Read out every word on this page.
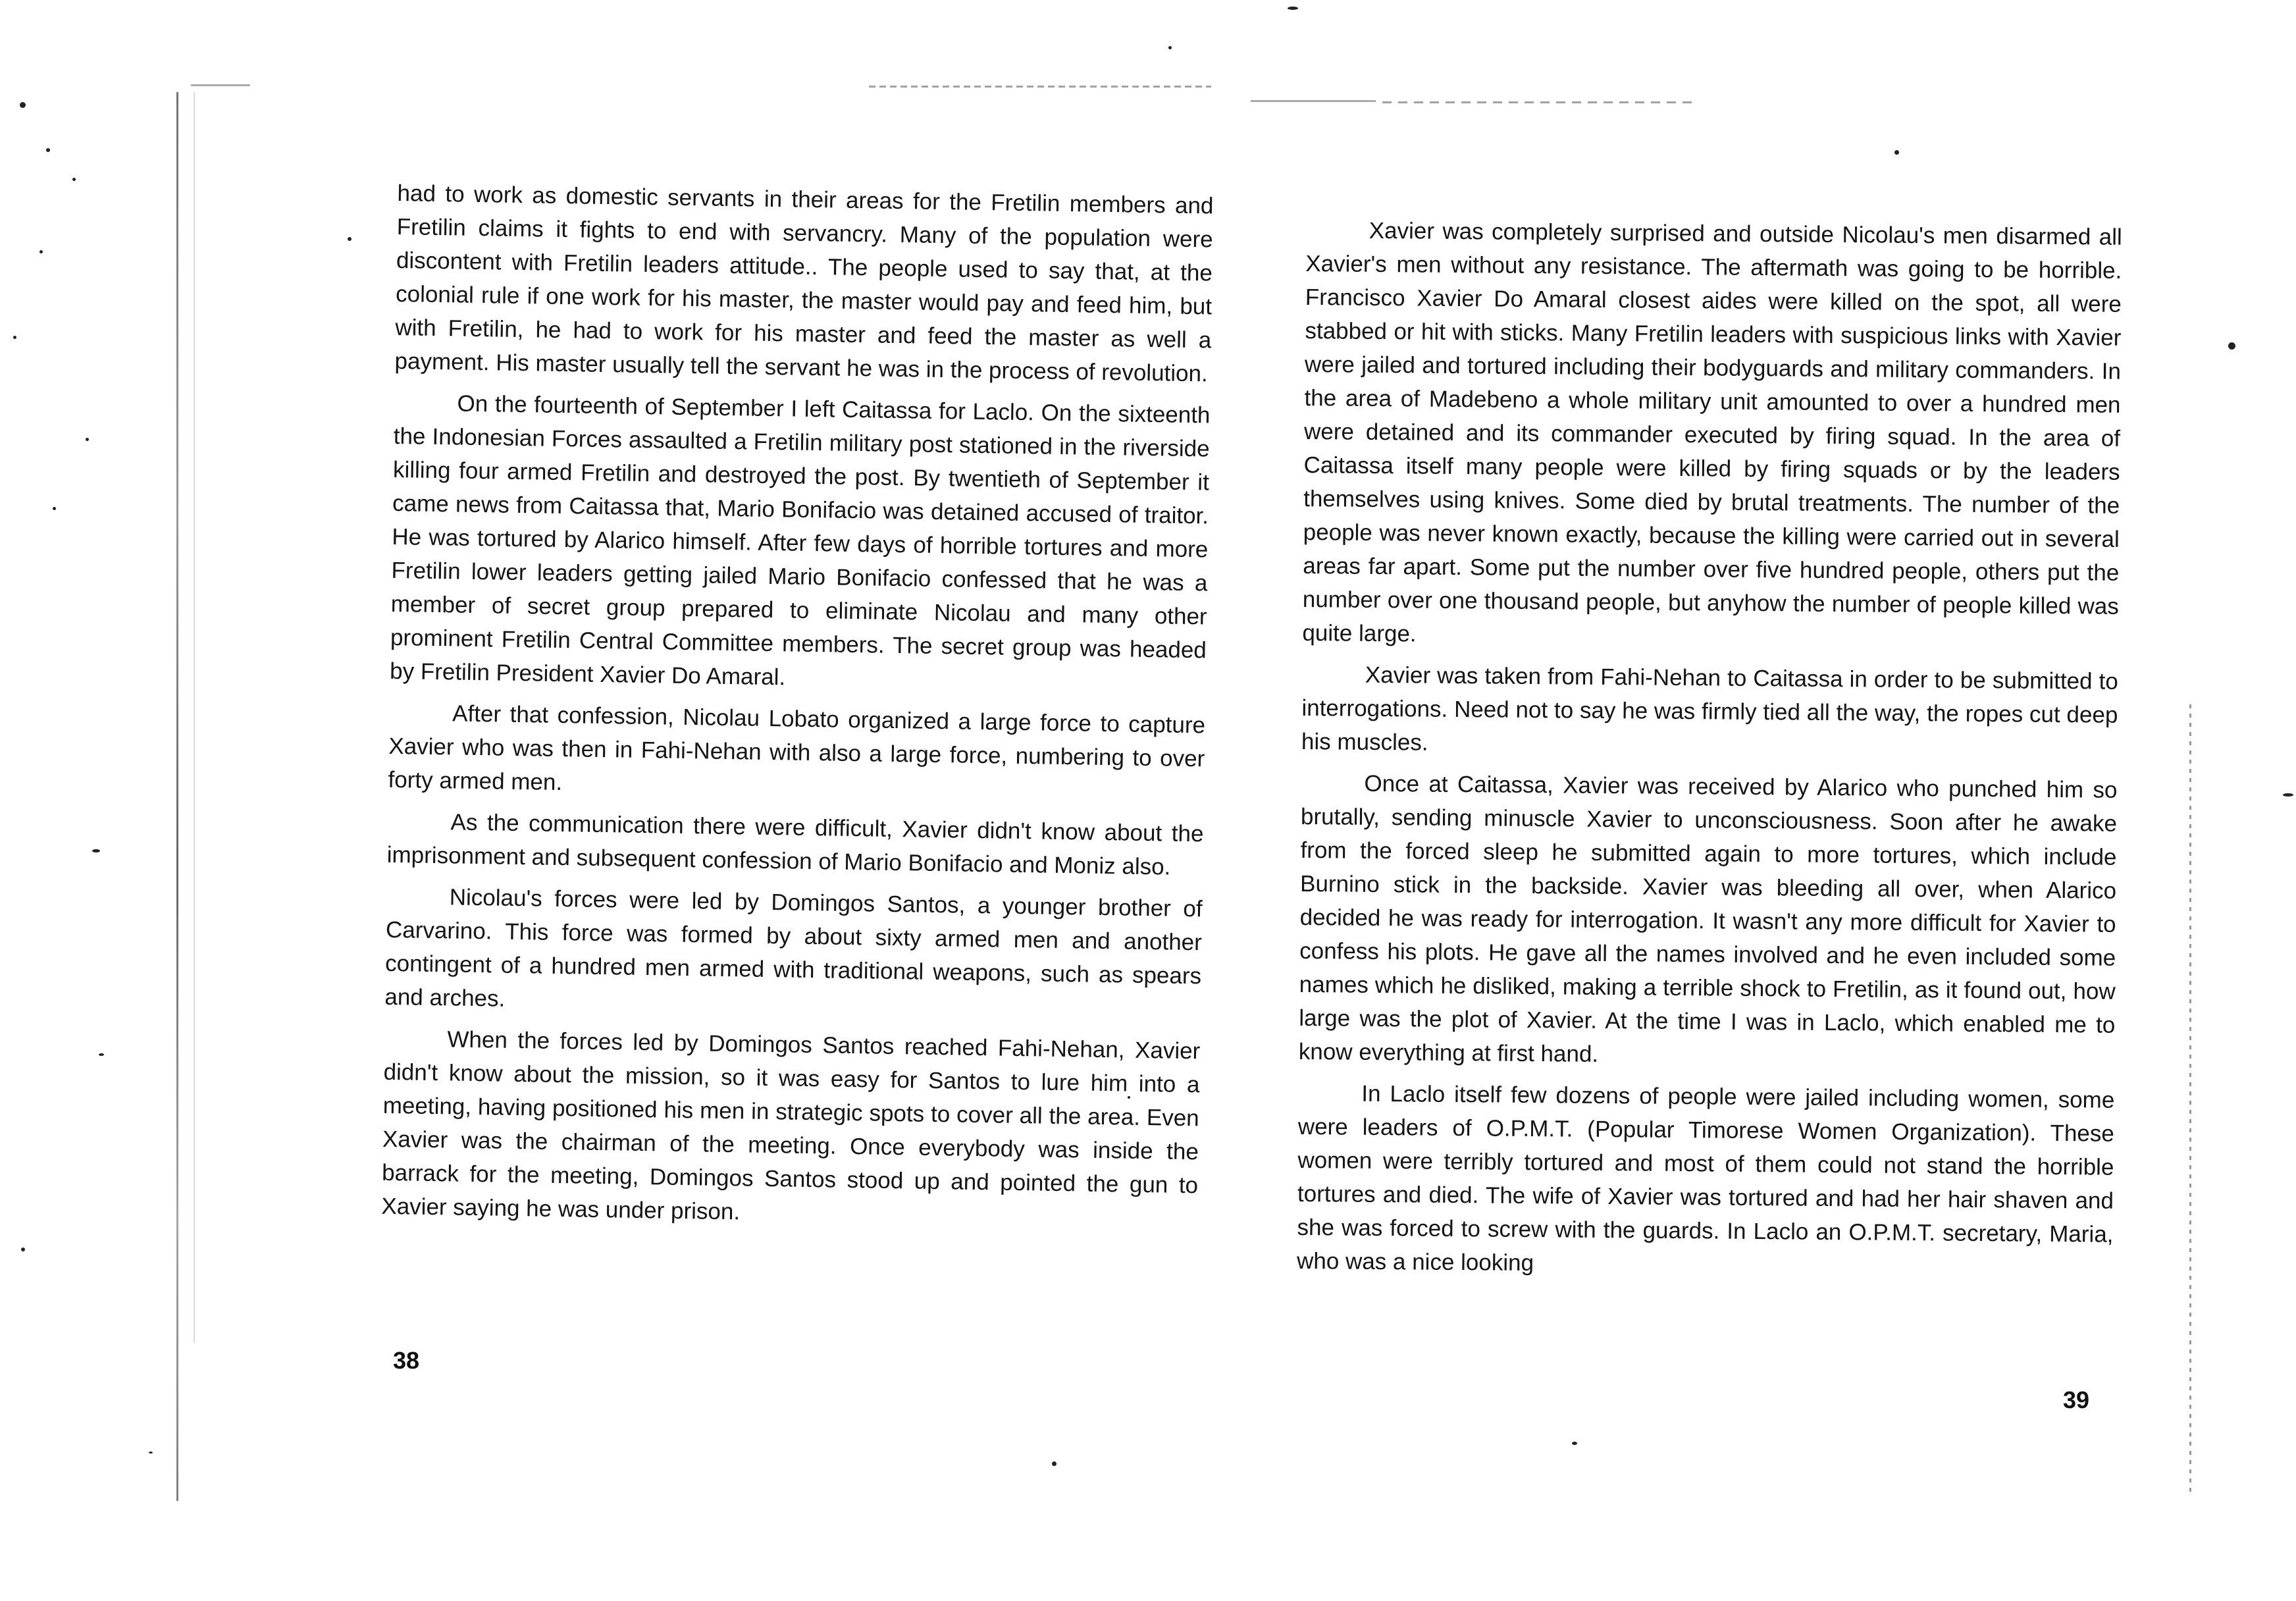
had to work as domestic servants in their areas for the Fretilin members and Fretilin claims it fights to end with servancry. Many of the population were discontent with Fretilin leaders attitude.. The people used to say that, at the colonial rule if one work for his master, the master would pay and feed him, but with Fretilin, he had to work for his master and feed the master as well a payment. His master usually tell the servant he was in the process of revolution.

On the fourteenth of September I left Caitassa for Laclo. On the sixteenth the Indonesian Forces assaulted a Fretilin military post stationed in the riverside killing four armed Fretilin and destroyed the post. By twentieth of September it came news from Caitassa that, Mario Bonifacio was detained accused of traitor. He was tortured by Alarico himself. After few days of horrible tortures and more Fretilin lower leaders getting jailed Mario Bonifacio confessed that he was a member of secret group prepared to eliminate Nicolau and many other prominent Fretilin Central Committee members. The secret group was headed by Fretilin President Xavier Do Amaral.

After that confession, Nicolau Lobato organized a large force to capture Xavier who was then in Fahi-Nehan with also a large force, numbering to over forty armed men.

As the communication there were difficult, Xavier didn't know about the imprisonment and subsequent confession of Mario Bonifacio and Moniz also.

Nicolau's forces were led by Domingos Santos, a younger brother of Carvarino. This force was formed by about sixty armed men and another contingent of a hundred men armed with traditional weapons, such as spears and arches.

When the forces led by Domingos Santos reached Fahi-Nehan, Xavier didn't know about the mission, so it was easy for Santos to lure him into a meeting, having positioned his men in strategic spots to cover all the area. Even Xavier was the chairman of the meeting. Once everybody was inside the barrack for the meeting, Domingos Santos stood up and pointed the gun to Xavier saying he was under prison.

38

Xavier was completely surprised and outside Nicolau's men disarmed all Xavier's men without any resistance. The aftermath was going to be horrible. Francisco Xavier Do Amaral closest aides were killed on the spot, all were stabbed or hit with sticks. Many Fretilin leaders with suspicious links with Xavier were jailed and tortured including their bodyguards and military commanders. In the area of Madebeno a whole military unit amounted to over a hundred men were detained and its commander executed by firing squad. In the area of Caitassa itself many people were killed by firing squads or by the leaders themselves using knives. Some died by brutal treatments. The number of the people was never known exactly, because the killing were carried out in several areas far apart. Some put the number over five hundred people, others put the number over one thousand people, but anyhow the number of people killed was quite large.

Xavier was taken from Fahi-Nehan to Caitassa in order to be submitted to interrogations. Need not to say he was firmly tied all the way, the ropes cut deep his muscles.

Once at Caitassa, Xavier was received by Alarico who punched him so brutally, sending minuscle Xavier to unconsciousness. Soon after he awake from the forced sleep he submitted again to more tortures, which include Burnino stick in the backside. Xavier was bleeding all over, when Alarico decided he was ready for interrogation. It wasn't any more difficult for Xavier to confess his plots. He gave all the names involved and he even included some names which he disliked, making a terrible shock to Fretilin, as it found out, how large was the plot of Xavier. At the time I was in Laclo, which enabled me to know everything at first hand.

In Laclo itself few dozens of people were jailed including women, some were leaders of O.P.M.T. (Popular Timorese Women Organization). These women were terribly tortured and most of them could not stand the horrible tortures and died. The wife of Xavier was tortured and had her hair shaven and she was forced to screw with the guards. In Laclo an O.P.M.T. secretary, Maria, who was a nice looking

39
